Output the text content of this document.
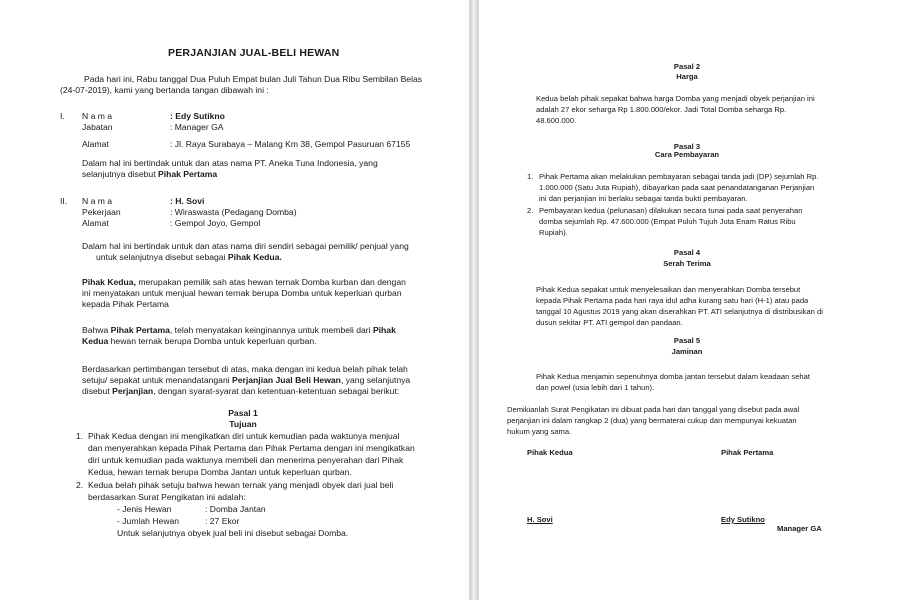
PERJANJIAN JUAL-BELI HEWAN
Pada hari ini, Rabu tanggal Dua Puluh Empat bulan Juli Tahun Dua Ribu Sembilan Belas
(24-07-2019), kami yang bertanda tangan dibawah ini :
I. N a m a	: Edy Sutikno
Jabatan	: Manager GA
Alamat	: Jl. Raya Surabaya – Malang Km 38, Gempol Pasuruan 67155
Dalam hal ini bertindak untuk dan atas nama PT. Aneka Tuna Indonesia, yang
selanjutnya disebut Pihak Pertama
II. N a m a	: H. Sovi
Pekerjaan	: Wiraswasta (Pedagang Domba)
Alamat	: Gempol Joyo, Gempol
Dalam hal ini bertindak untuk dan atas nama diri sendiri sebagai pemilik/ penjual yang
untuk selanjutnya disebut sebagai Pihak Kedua.
Pihak Kedua, merupakan pemilik sah atas hewan ternak Domba kurban dan dengan
ini menyatakan untuk menjual hewan ternak berupa Domba untuk keperluan qurban
kepada Pihak Pertama
Bahwa Pihak Pertama, telah menyatakan keinginannya untuk membeli dari Pihak
Kedua hewan ternak berupa Domba untuk keperluan qurban.
Berdasarkan pertimbangan tersebut di atas, maka dengan ini kedua belah pihak telah
setuju/ sepakat untuk menandatangani Perjanjian Jual Beli Hewan, yang selanjutnya
disebut Perjanjian, dengan syarat-syarat dan ketentuan-ketentuan sebagai berikut:
Pasal 1
Tujuan
1. Pihak Kedua dengan ini mengikatkan diri untuk kemudian pada waktunya menjual
dan menyerahkan kepada Pihak Pertama dan Pihak Pertama dengan ini mengikatkan
diri untuk kemudian pada waktunya membeli dan menerima penyerahan dari Pihak
Kedua, hewan ternak berupa Domba Jantan untuk keperluan qurban.
2. Kedua belah pihak setuju bahwa hewan ternak yang menjadi obyek dari jual beli
berdasarkan Surat Pengikatan ini adalah:
- Jenis Hewan	: Domba Jantan
- Jumlah Hewan	: 27 Ekor
Untuk selanjutnya obyek jual beli ini disebut sebagai Domba.
Pasal 2
Harga
Kedua belah pihak sepakat bahwa harga Domba yang menjadi obyek perjanjian ini
adalah 27 ekor seharga Rp 1.800.000/ekor. Jadi Total Domba seharga Rp.
48.600.000.
Pasal 3
Cara Pembayaran
1. Pihak Pertama akan melakukan pembayaran sebagai tanda jadi (DP) sejumlah Rp.
1.000.000 (Satu Juta Rupiah), dibayarkan pada saat penandatanganan Perjanjian
ini dan perjanjian ini berlaku sebagai tanda bukti pembayaran.
2. Pembayaran kedua (pelunasan) dilakukan secara tunai pada saat penyerahan
domba sejumlah Rp. 47.600.000 (Empat Puluh Tujuh Juta Enam Ratus Ribu
Rupiah).
Pasal 4
Serah Terima
Pihak Kedua sepakat untuk menyelesaikan dan menyerahkan Domba tersebut
kepada Pihak Pertama pada hari raya idul adha kurang satu hari (H-1) atau pada
tanggal 10 Agustus 2019 yang akan diserahkan PT. ATI selanjutnya di distribusikan di
dusun sekitar PT. ATI gempol dan pandaan.
Pasal 5
Jaminan
Pihak Kedua menjamin sepenuhnya domba jantan tersebut dalam keadaan sehat
dan powel (usia lebih dari 1 tahun).
Demikianlah Surat Pengikatan ini dibuat pada hari dan tanggal yang disebut pada awal
perjanjian ini dalam rangkap 2 (dua) yang bermaterai cukup dan mempunyai kekuatan
hukum yang sama.
Pihak Kedua	Pihak Pertama
H. Sovi	Edy Sutikno
Manager GA
